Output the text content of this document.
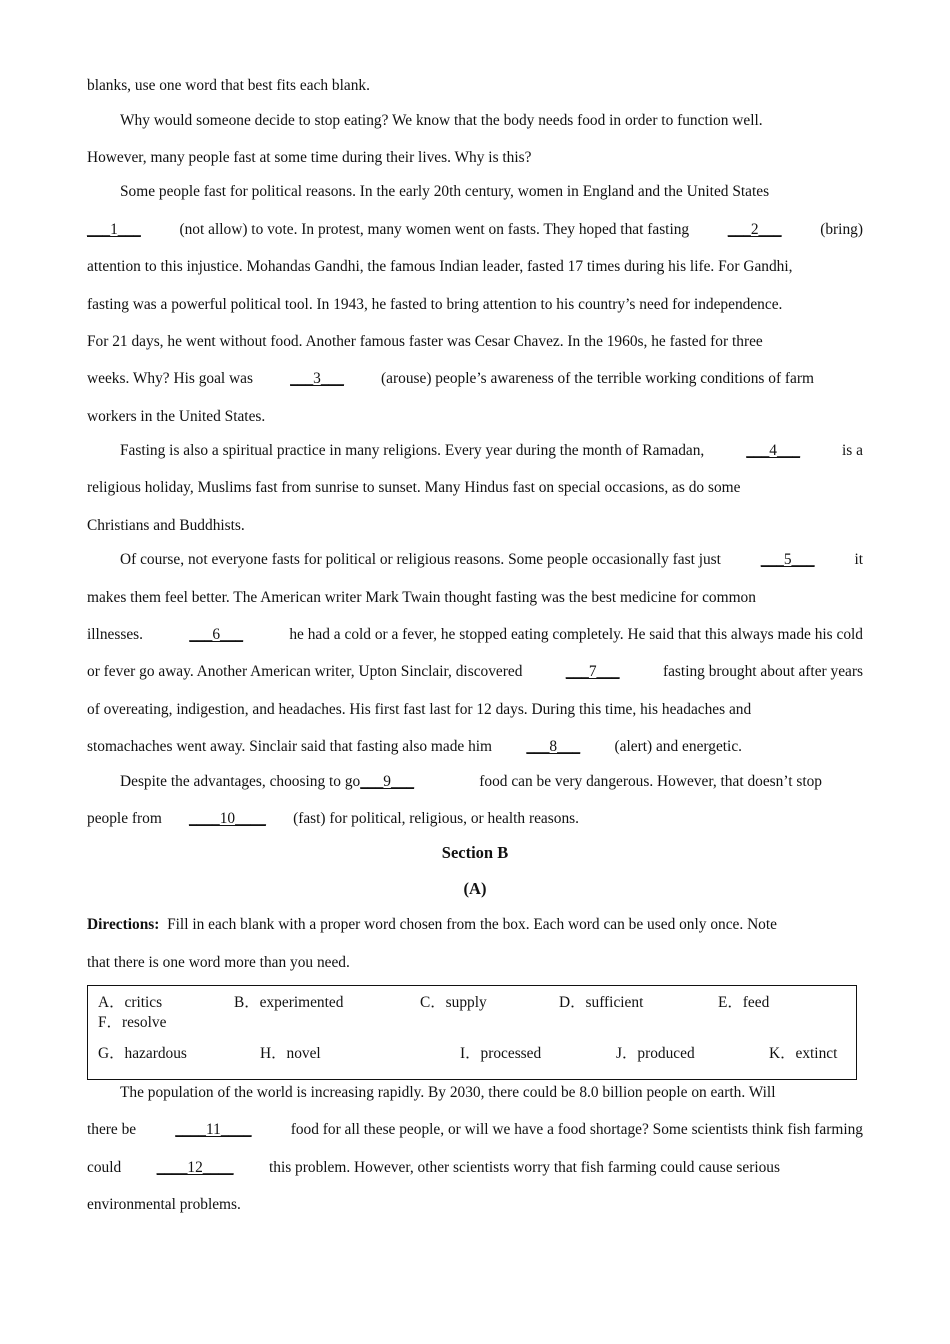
blanks, use one word that best fits each blank.
Why would someone decide to stop eating? We know that the body needs food in order to function well.
However, many people fast at some time during their lives. Why is this?
Some people fast for political reasons. In the early 20th century, women in England and the United States
___1___	(not allow) to vote. In protest, many women went on fasts. They hoped that fasting	___2___	(bring)
attention to this injustice. Mohandas Gandhi, the famous Indian leader, fasted 17 times during his life. For Gandhi,
fasting was a powerful political tool. In 1943, he fasted to bring attention to his country’s need for independence.
For 21 days, he went without food. Another famous faster was Cesar Chavez. In the 1960s, he fasted for three
weeks. Why? His goal was ___3___ (arouse) people’s awareness of the terrible working conditions of farm
workers in the United States.
Fasting is also a spiritual practice in many religions. Every year during the month of Ramadan,	___4___	is a
religious holiday, Muslims fast from sunrise to sunset. Many Hindus fast on special occasions, as do some
Christians and Buddhists.
Of course, not everyone fasts for political or religious reasons. Some people occasionally fast just	___5___	it
makes them feel better. The American writer Mark Twain thought fasting was the best medicine for common
illnesses.	___6___	he had a cold or a fever, he stopped eating completely. He said that this always made his cold
or fever go away. Another American writer, Upton Sinclair, discovered	___7___	fasting brought about after years
of overeating, indigestion, and headaches. His first fast last for 12 days. During this time, his headaches and
stomachaches went away. Sinclair said that fasting also made him ___8___ (alert) and energetic.
Despite the advantages, choosing to go ___9___	food can be very dangerous. However, that doesn’t stop
people from ____10____ (fast) for political, religious, or health reasons.
Section B
(A)
Directions: Fill in each blank with a proper word chosen from the box. Each word can be used only once. Note
that there is one word more than you need.
A．critics	B．experimented	C．supply	D．sufficient	E．feed
F．resolve
G．hazardous	H．novel	I．processed	J．produced	K．extinct
The population of the world is increasing rapidly. By 2030, there could be 8.0 billion people on earth. Will
there be	____11____	food for all these people, or will we have a food shortage? Some scientists think fish farming
could ____12____ this problem. However, other scientists worry that fish farming could cause serious
environmental problems.
